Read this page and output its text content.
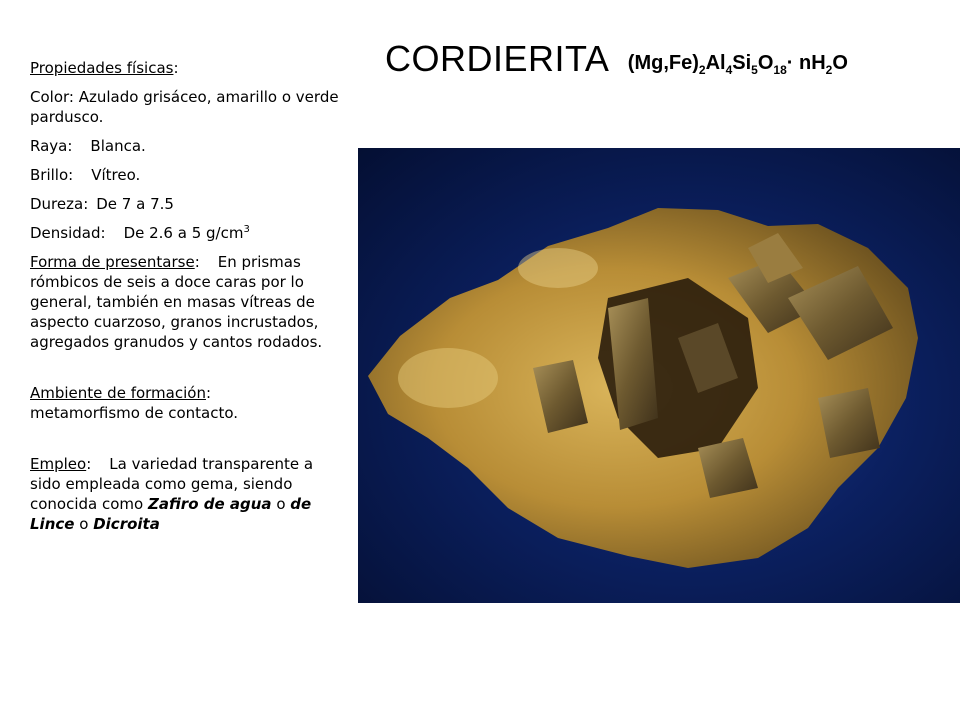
CORDIERITA $(Mg,Fe)_2Al_4Si_5O_{18}\cdot nH_2O$

Propiedades físicas:

Color: Azulado grisáceo, amarillo o verde pardusco.

Raya: Blanca.

Brillo: Vítreo.

Dureza: De 7 a 7.5

Densidad: De 2.6 a 5 $g/cm^3$

Forma de presentarse: En prismas rómbicos de seis a doce caras por lo general, también en masas vítreas de aspecto cuarzoso, granos incrustados, agregados granudos y cantos rodados.

Ambiente de formación:
metamorfismo de contacto.

Empleo: La variedad transparente a sido empleada como gema, siendo conocida como Zafiro de agua o de Lince o Dicroita
